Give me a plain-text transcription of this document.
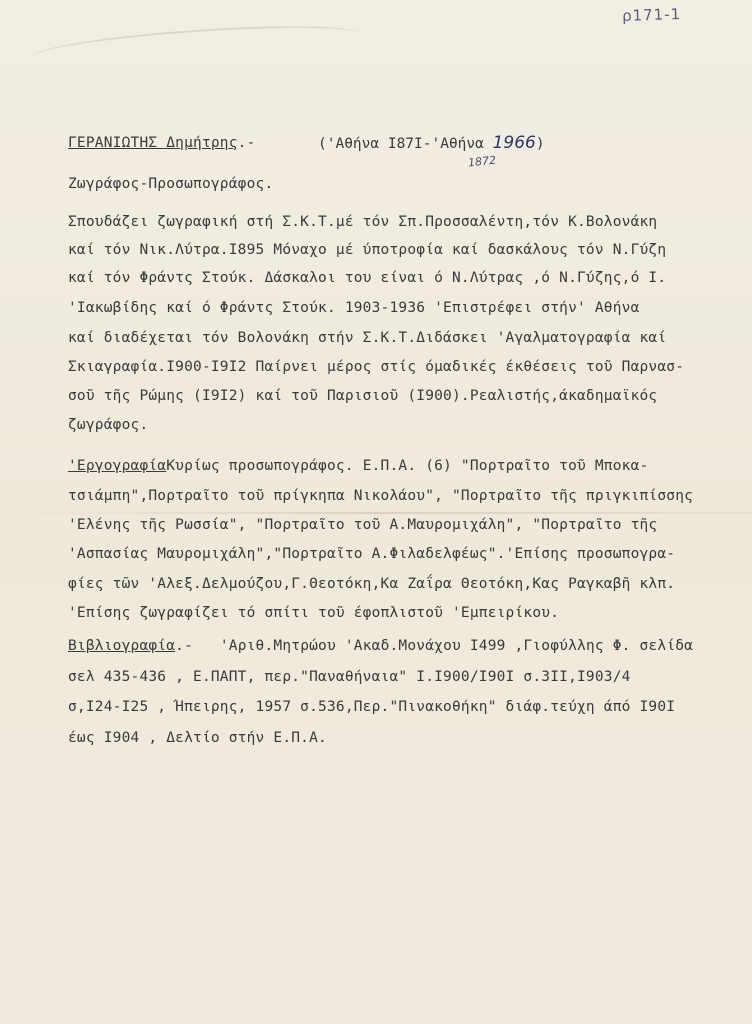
ρ171-1
ΓΕΡΑΝΙΩΤΗΣ Δημήτρης.-	('Αθήνα Ι87Ι-'Αθήνα 1966)
1872
Ζωγράφος-Προσωπογράφος.
Σπουδάζει ζωγραφική στή Σ.Κ.Τ.μέ τόν Σπ.Προσσαλέντη,τόν Κ.Βολονάκη
καί τόν Νικ.Λύτρα.Ι895 Μόναχο μέ ύποτροφία καί δασκάλους τόν Ν.Γύζη
καί τόν Φράντς Στούκ. Δάσκαλοι του είναι ό Ν.Λύτρας ,ό Ν.Γύζης,ό Ι.
'Ιακωβίδης καί ό Φράντς Στούκ. 1903-1936 'Επιστρέφει στήν' Αθήνα
καί διαδέχεται τόν Βολονάκη στήν Σ.Κ.Τ.Διδάσκει 'Αγαλματογραφία καί
Σκιαγραφία.Ι900-Ι9Ι2 Παίρνει μέρος στίς όμαδικές έκθέσεις τοῦ Παρνασ-
σοῦ τῆς Ρώμης (Ι9Ι2) καί τοῦ Παρισιοῦ (Ι900).Ρεαλιστής,άκαδημαϊκός
ζωγράφος.
'ΕργογραφίαΚυρίως προσωπογράφος. Ε.Π.Α. (6) "Πορτραῖτο τοῦ Μποκα-
τσιάμπη",Πορτραῖτο τοῦ πρίγκηπα Νικολάου", "Πορτραῖτο τῆς πριγκιπίσσης
'Ελένης τῆς Ρωσσία", "Πορτραῖτο τοῦ Α.Μαυρομιχάλη", "Πορτραῖτο τῆς
'Ασπασίας Μαυρομιχάλη","Πορτραῖτο Α.Φιλαδελφέως".'Επίσης προσωπογρα-
φίες τῶν 'Αλεξ.Δελμούζου,Γ.Θεοτόκη,Κα Ζαΐρα Θεοτόκη,Κας Ραγκαβῆ κλπ.
'Επίσης ζωγραφίζει τό σπίτι τοῦ έφοπλιστοῦ 'Εμπειρίκου.
Βιβλιογραφία.-   'Αριθ.Μητρώου 'Ακαδ.Μονάχου Ι499 ,Γιοφύλλης Φ. σελίδα
σελ 435-436 , Ε.ΠΑΠΤ, περ."Παναθήναια" Ι.Ι900/Ι90Ι σ.3ΙΙ,Ι903/4
σ,Ι24-Ι25 , Ήπειρης, 1957 σ.536,Περ."Πινακοθήκη" διάφ.τεύχη άπό Ι90Ι
έως Ι904 , Δελτίο στήν Ε.Π.Α.
